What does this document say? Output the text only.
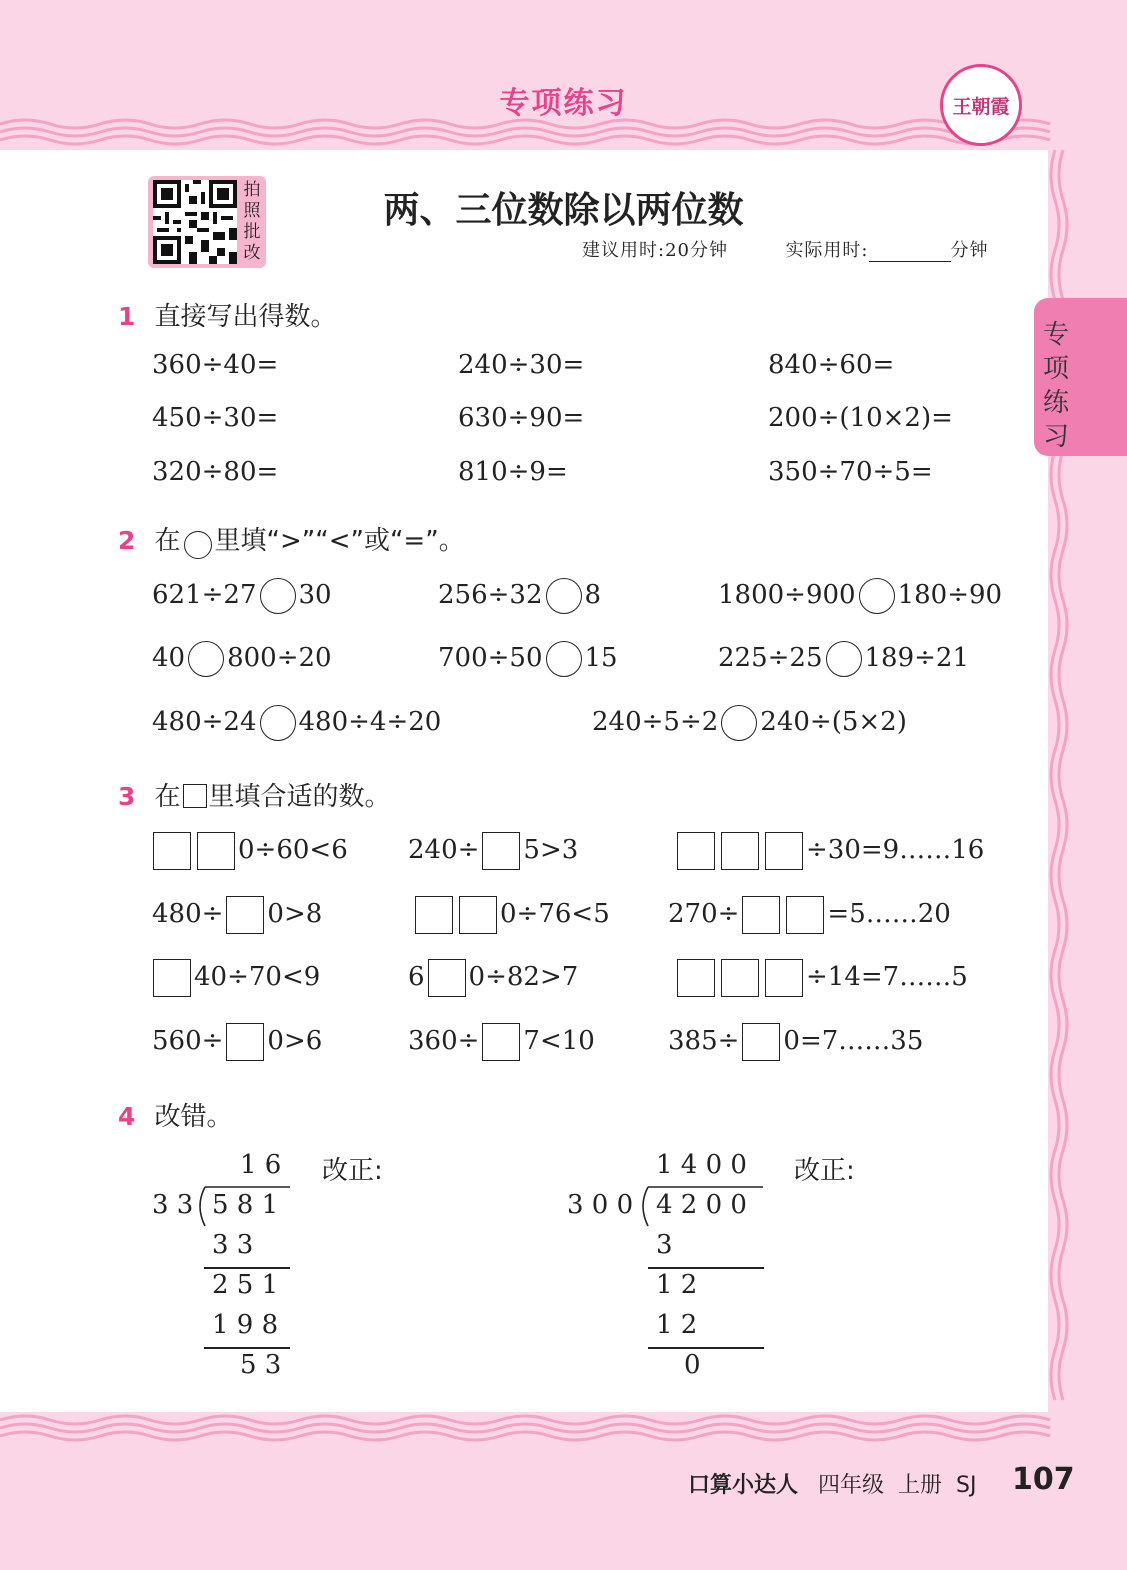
专项练习	王朝霞
专项练习
拍照批改
两、三位数除以两位数
建议用时:20分钟	实际用时:	分钟
1 直接写出得数。
360÷40=	240÷30=	840÷60=
450÷30=	630÷90=	200÷(10×2)=
320÷80=	810÷9=	350÷70÷5=
2 在 里填“>”“<”或“=”。
621÷27 30	256÷32 8	1800÷900 180÷90
40 800÷20	700÷50 15	225÷25 189÷21
480÷24 480÷4÷20	240÷5÷2 240÷(5×2)
3 在 里填合适的数。
0÷60<6 240÷ 5>3	÷30=9……16
480÷ 0>8	0÷76<5 270÷	=5……20
40÷70<9	6 0÷82>7	÷14=7……5
560÷ 0>6	360÷ 7<10	385÷ 0=7……35
4 改错。
1 6
3 3 5 8 1
3 3
2 5 1
1 9 8
5 3
改正:	1 4 0 0
3 0 0 4 2 0 0
3
1 2
1 2
0
改正:
口算小达人 四年级  上册  SJ 107
